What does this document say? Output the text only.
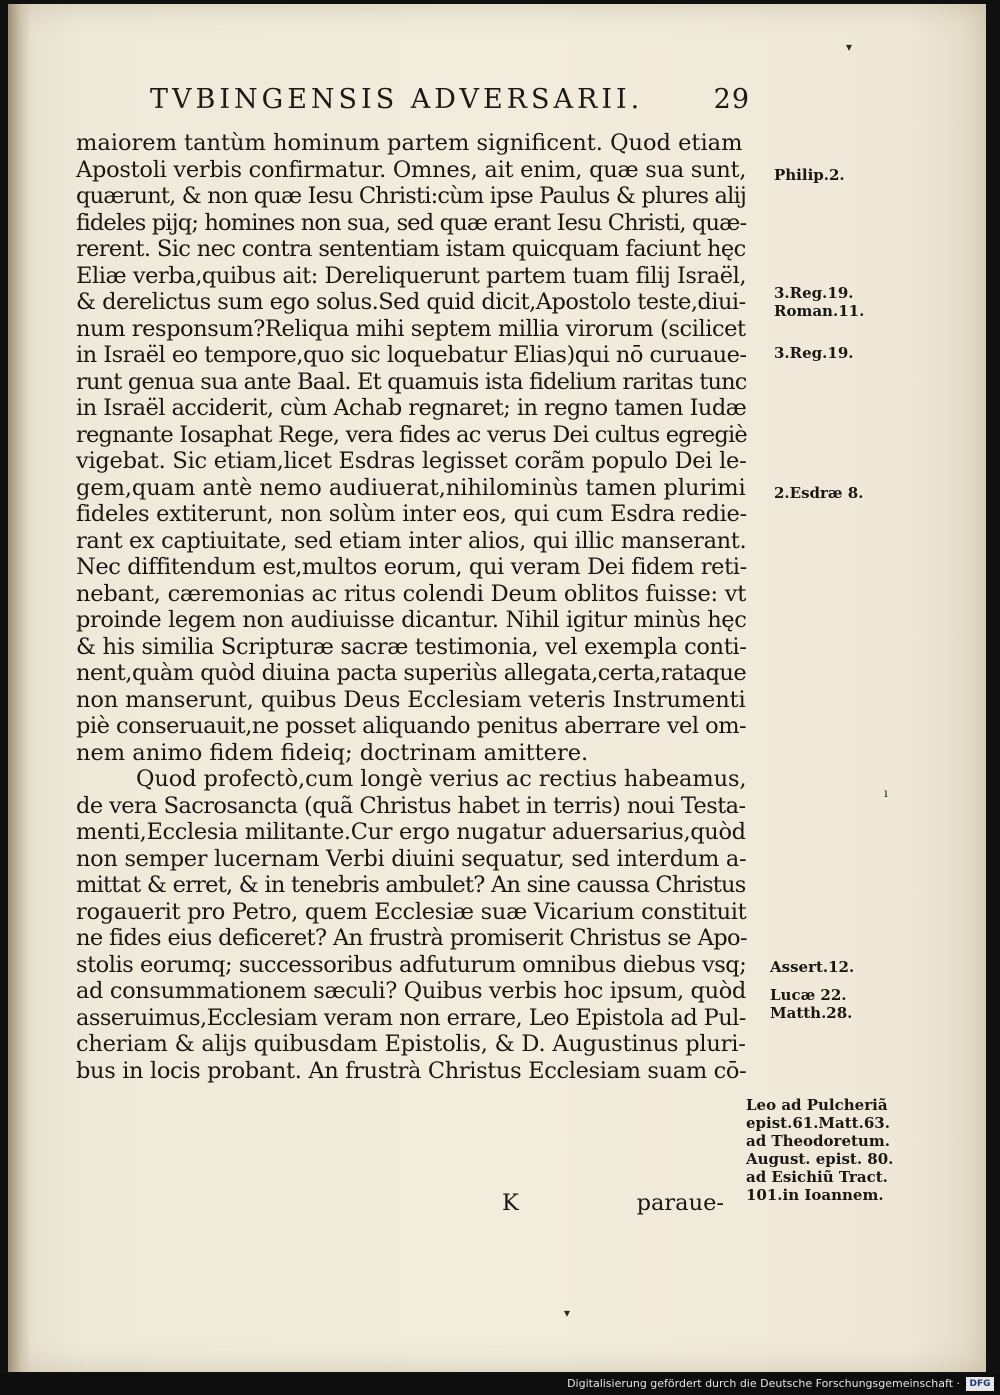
TVBINGENSIS ADVERSARII.	29
maiorem tantùm hominum partem significent. Quod etiam
Apostoli verbis confirmatur. Omnes, ait enim, quæ sua sunt,
quærunt, & non quæ Iesu Christi:cùm ipse Paulus & plures alij
fideles pijq; homines non sua, sed quæ erant Iesu Christi, quæ-
rerent. Sic nec contra sententiam istam quicquam faciunt hęc
Eliæ verba,quibus ait: Dereliquerunt partem tuam filij Israël,
& derelictus sum ego solus.Sed quid dicit,Apostolo teste,diui-
num responsum?Reliqua mihi septem millia virorum (scilicet
in Israël eo tempore,quo sic loquebatur Elias)qui nō curuaue-
runt genua sua ante Baal. Et quamuis ista fidelium raritas tunc
in Israël acciderit, cùm Achab regnaret; in regno tamen Iudæ
regnante Iosaphat Rege, vera fides ac verus Dei cultus egregiè
vigebat. Sic etiam,licet Esdras legisset corãm populo Dei le-
gem,quam antè nemo audiuerat,nihilominùs tamen plurimi
fideles extiterunt, non solùm inter eos, qui cum Esdra redie-
rant ex captiuitate, sed etiam inter alios, qui illic manserant.
Nec diffitendum est,multos eorum, qui veram Dei fidem reti-
nebant, cæremonias ac ritus colendi Deum oblitos fuisse: vt
proinde legem non audiuisse dicantur. Nihil igitur minùs hęc
& his similia Scripturæ sacræ testimonia, vel exempla conti-
nent,quàm quòd diuina pacta superiùs allegata,certa,rataque
non manserunt, quibus Deus Ecclesiam veteris Instrumenti
piè conseruauit,ne posset aliquando penitus aberrare vel om-
nem animo fidem fideiq; doctrinam amittere.
Quod profectò,cum longè verius ac rectius habeamus,
de vera Sacrosancta (quã Christus habet in terris) noui Testa-
menti,Ecclesia militante.Cur ergo nugatur aduersarius,quòd
non semper lucernam Verbi diuini sequatur, sed interdum a-
mittat & erret, & in tenebris ambulet? An sine caussa Christus
rogauerit pro Petro, quem Ecclesiæ suæ Vicarium constituit
ne fides eius deficeret? An frustrà promiserit Christus se Apo-
stolis eorumq; successoribus adfuturum omnibus diebus vsq;
ad consummationem sæculi? Quibus verbis hoc ipsum, quòd
asseruimus,Ecclesiam veram non errare, Leo Epistola ad Pul-
cheriam & alijs quibusdam Epistolis, & D. Augustinus pluri-
bus in locis probant. An frustrà Christus Ecclesiam suam cō-
K	paraue-
Philip.2.
3.Reg.19.
Roman.11.
3.Reg.19.
2.Esdræ 8.
Assert.12.
Lucæ 22.
Matth.28.
Leo ad Pulcheriã
epist.61.Matt.63.
ad Theodoretum.
August. epist. 80.
ad Esichiũ Tract.
101.in Ioannem.
▾
ı
▾
Digitalisierung gefördert durch die Deutsche Forschungsgemeinschaft ·	DFG
